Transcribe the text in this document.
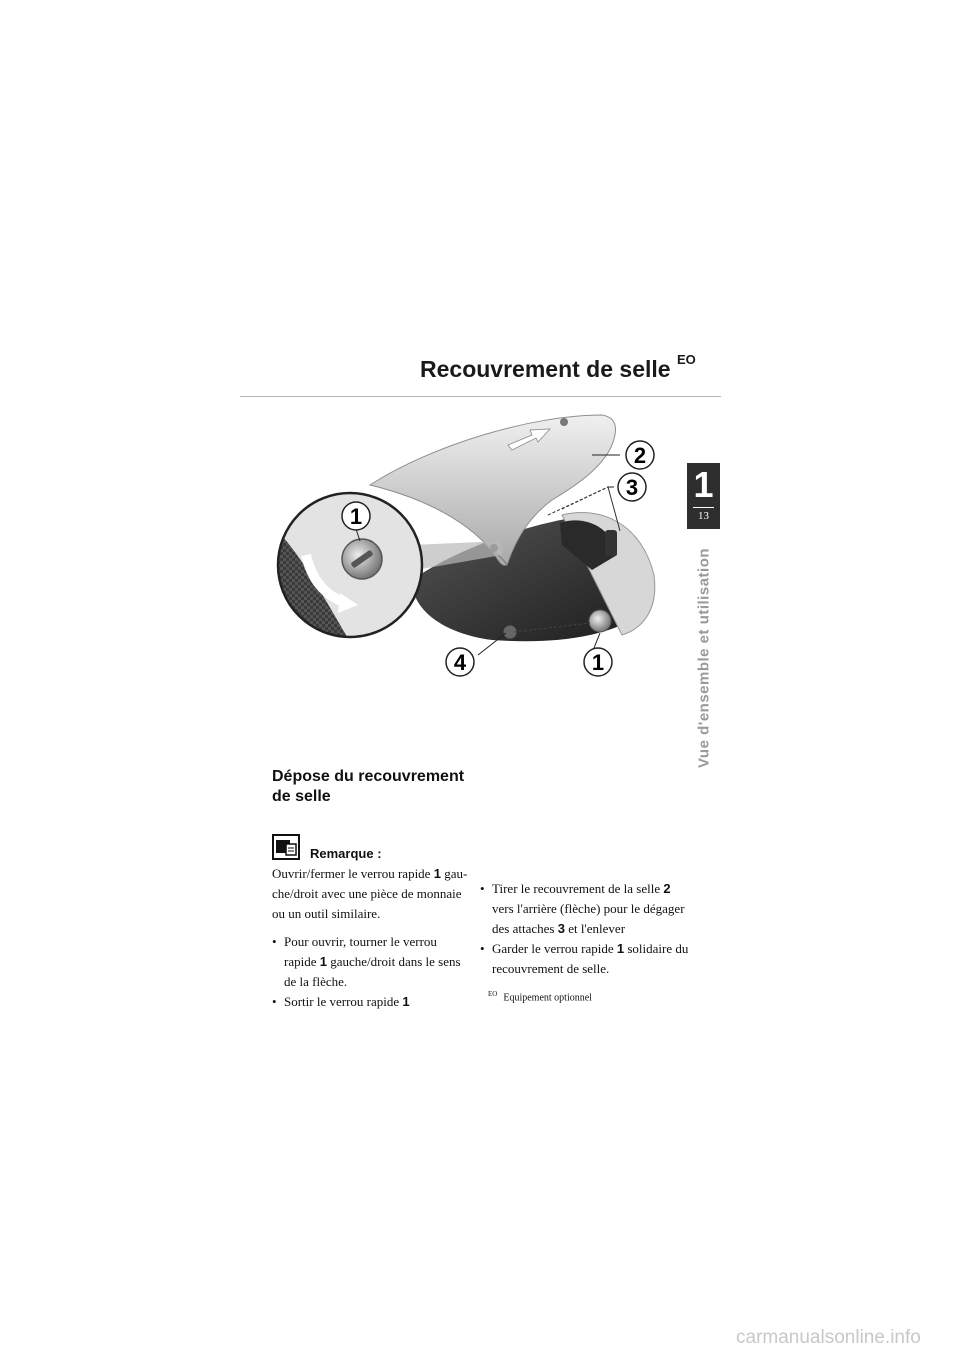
Recouvrement de selle $^{EO}$
1
13
Vue d'ensemble et utilisation
1
2
3
4	1
Dépose du recouvrement de selle
Remarque :
Ouvrir/fermer le verrou rapide 1 gau-che/droit avec une pièce de monnaie ou un outil similaire.
• Pour ouvrir, tourner le verrou rapide 1 gauche/droit dans le sens de la flèche.
• Sortir le verrou rapide 1
• Tirer le recouvrement de la selle 2 vers l'arrière (flèche) pour le dégager des attaches 3 et l'enlever
• Garder le verrou rapide 1 solidaire du recouvrement de selle.
$^{EO}$ Equipement optionnel
carmanualsonline.info
